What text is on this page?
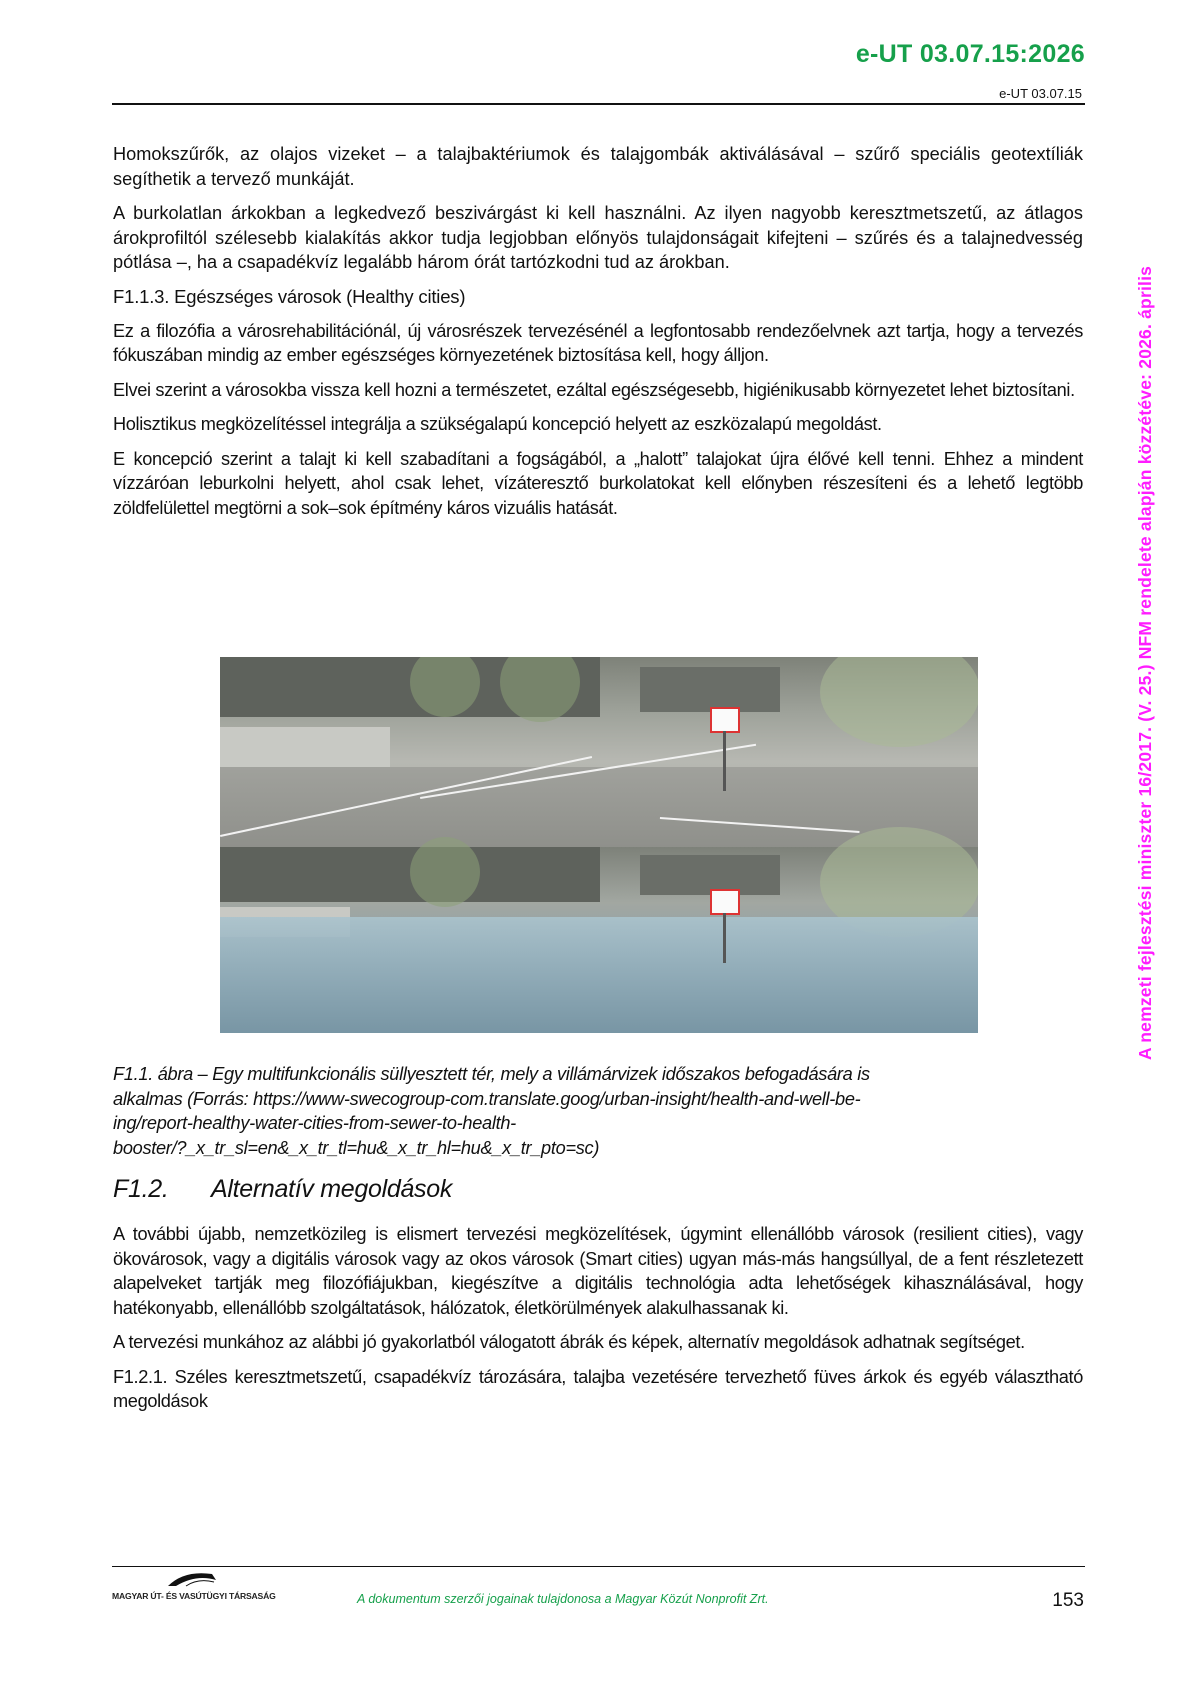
e-UT 03.07.15:2026
e-UT 03.07.15
A nemzeti fejlesztési miniszter 16/2017. (V. 25.) NFM rendelete alapján közzétéve: 2026. április

Homokszűrők, az olajos vizeket – a talajbaktériumok és talajgombák aktiválásával – szűrő speciális geotextíliák segíthetik a tervező munkáját.

A burkolatlan árkokban a legkedvező beszivárgást ki kell használni. Az ilyen nagyobb keresztmetszetű, az átlagos árokprofiltól szélesebb kialakítás akkor tudja legjobban előnyös tulajdonságait kifejteni – szűrés és a talajnedvesség pótlása –, ha a csapadékvíz legalább három órát tartózkodni tud az árokban.

F1.1.3. Egészséges városok (Healthy cities)

Ez a filozófia a városrehabilitációnál, új városrészek tervezésénél a legfontosabb rendezőelvnek azt tartja, hogy a tervezés fókuszában mindig az ember egészséges környezetének biztosítása kell, hogy álljon.

Elvei szerint a városokba vissza kell hozni a természetet, ezáltal egészségesebb, higiénikusabb környezetet lehet biztosítani.

Holisztikus megközelítéssel integrálja a szükségalapú koncepció helyett az eszközalapú megoldást.

E koncepció szerint a talajt ki kell szabadítani a fogságából, a „halott” talajokat újra élővé kell tenni. Ehhez a mindent vízzáróan leburkolni helyett, ahol csak lehet, vízáteresztő burkolatokat kell előnyben részesíteni és a lehető legtöbb zöldfelülettel megtörni a sok–sok építmény káros vizuális hatását.

F1.1. ábra – Egy multifunkcionális süllyesztett tér, mely a villámárvizek időszakos befogadására is
alkalmas (Forrás: https://www-swecogroup-com.translate.goog/urban-insight/health-and-well-be-
ing/report-healthy-water-cities-from-sewer-to-health-
booster/?_x_tr_sl=en&_x_tr_tl=hu&_x_tr_hl=hu&_x_tr_pto=sc)
F1.2. Alternatív megoldások

A további újabb, nemzetközileg is elismert tervezési megközelítések, úgymint ellenállóbb városok (resilient cities), vagy ökovárosok, vagy a digitális városok vagy az okos városok (Smart cities) ugyan más-más hangsúllyal, de a fent részletezett alapelveket tartják meg filozófiájukban, kiegészítve a digitális technológia adta lehetőségek kihasználásával, hogy hatékonyabb, ellenállóbb szolgáltatások, hálózatok, életkörülmények alakulhassanak ki.

A tervezési munkához az alábbi jó gyakorlatból válogatott ábrák és képek, alternatív megoldások adhatnak segítséget.

F1.2.1. Széles keresztmetszetű, csapadékvíz tározására, talajba vezetésére tervezhető füves árkok és egyéb választható megoldások
MAGYAR ÚT- ÉS VASÚTÜGYI TÁRSASÁG	A dokumentum szerzői jogainak tulajdonosa a Magyar Közút Nonprofit Zrt.	153
